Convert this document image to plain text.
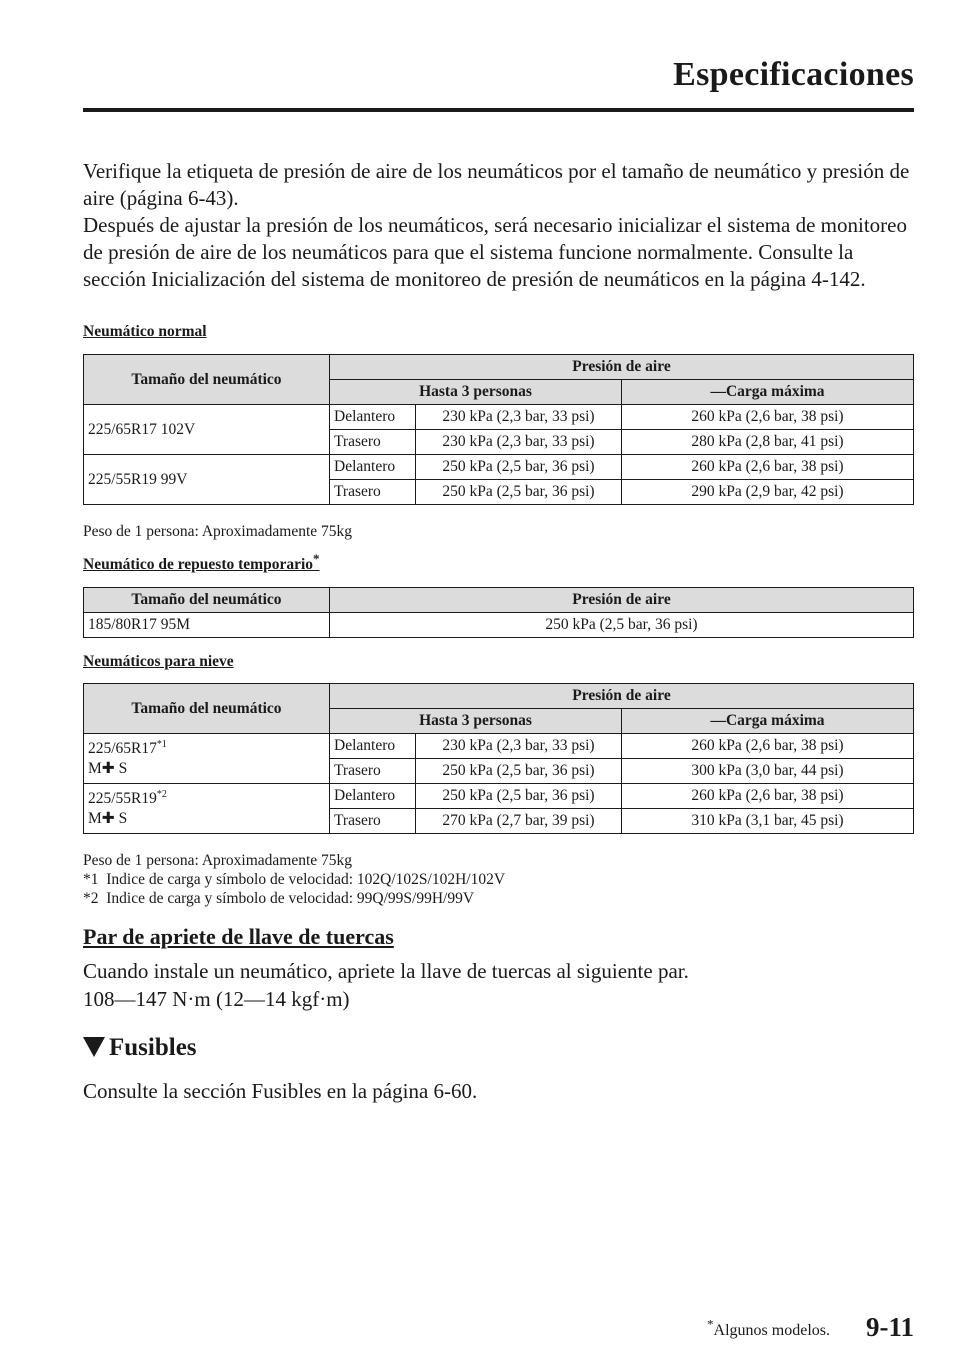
Especificaciones

Verifique la etiqueta de presión de aire de los neumáticos por el tamaño de neumático y presión de aire (página 6-43).

Después de ajustar la presión de los neumáticos, será necesario inicializar el sistema de monitoreo de presión de aire de los neumáticos para que el sistema funcione normalmente. Consulte la sección Inicialización del sistema de monitoreo de presión de neumáticos en la página 4-142.

Neumático normal
Tamaño del neumático	Presión de aire		
	Hasta 3 personas		―Carga máxima
225/65R17 102V	Delantero	230 kPa (2,3 bar, 33 psi)	260 kPa (2,6 bar, 38 psi)
	Trasero	230 kPa (2,3 bar, 33 psi)	280 kPa (2,8 bar, 41 psi)
225/55R19 99V	Delantero	250 kPa (2,5 bar, 36 psi)	260 kPa (2,6 bar, 38 psi)
	Trasero	250 kPa (2,5 bar, 36 psi)	290 kPa (2,9 bar, 42 psi)
Peso de 1 persona: Aproximadamente 75kg
Neumático de repuesto temporario*
Tamaño del neumático	Presión de aire
185/80R17 95M	250 kPa (2,5 bar, 36 psi)
Neumáticos para nieve
Tamaño del neumático	Presión de aire		
	Hasta 3 personas		―Carga máxima
225/65R17$^{*1}$
M✚ S	Delantero	230 kPa (2,3 bar, 33 psi)	260 kPa (2,6 bar, 38 psi)
	Trasero	250 kPa (2,5 bar, 36 psi)	300 kPa (3,0 bar, 44 psi)
225/55R19$^{*2}$
M✚ S	Delantero	250 kPa (2,5 bar, 36 psi)	260 kPa (2,6 bar, 38 psi)
	Trasero	270 kPa (2,7 bar, 39 psi)	310 kPa (3,1 bar, 45 psi)
Peso de 1 persona: Aproximadamente 75kg
*1  Indice de carga y símbolo de velocidad: 102Q/102S/102H/102V
*2  Indice de carga y símbolo de velocidad: 99Q/99S/99H/99V
Par de apriete de llave de tuercas
Cuando instale un neumático, apriete la llave de tuercas al siguiente par.
108―147 N·m (12―14 kgf·m)
Fusibles
Consulte la sección Fusibles en la página 6-60.
*Algunos modelos. 9-11
